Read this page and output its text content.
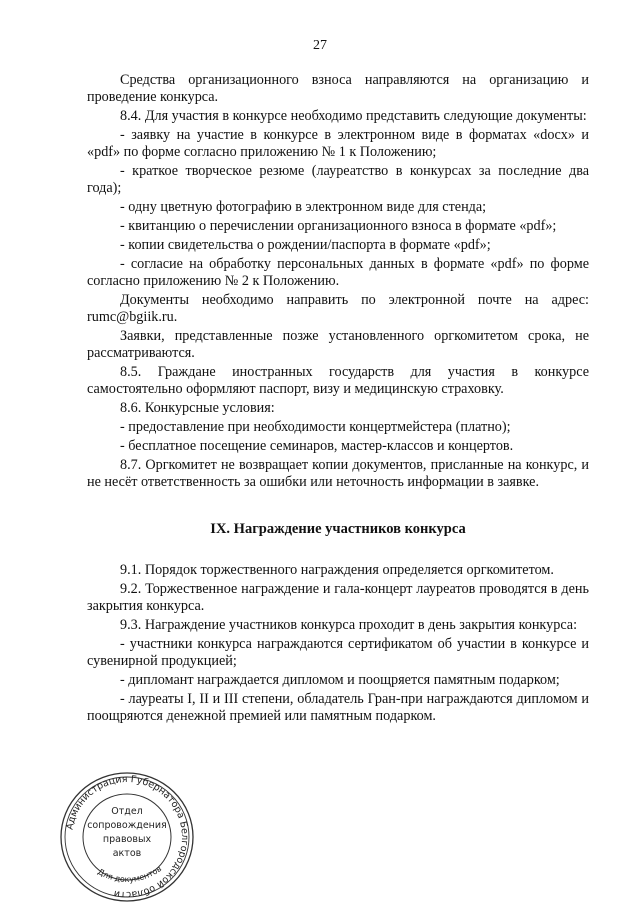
27

Средства организационного взноса направляются на организацию и проведение конкурса.

8.4. Для участия в конкурсе необходимо представить следующие документы:

- заявку на участие в конкурсе в электронном виде в форматах «docx» и «pdf» по форме согласно приложению № 1 к Положению;

- краткое творческое резюме (лауреатство в конкурсах за последние два года);

- одну цветную фотографию в электронном виде для стенда;

- квитанцию о перечислении организационного взноса в формате «pdf»;

- копии свидетельства о рождении/паспорта в формате «pdf»;

- согласие на обработку персональных данных в формате «pdf» по форме согласно приложению № 2 к Положению.

Документы необходимо направить по электронной почте на адрес: rumc@bgiik.ru.

Заявки, представленные позже установленного оргкомитетом срока, не рассматриваются.

8.5. Граждане иностранных государств для участия в конкурсе самостоятельно оформляют паспорт, визу и медицинскую страховку.

8.6. Конкурсные условия:

- предоставление при необходимости концертмейстера (платно);

- бесплатное посещение семинаров, мастер-классов и концертов.

8.7. Оргкомитет не возвращает копии документов, присланные на конкурс, и не несёт ответственность за ошибки или неточность информации в заявке.

IX. Награждение участников конкурса

9.1. Порядок торжественного награждения определяется оргкомитетом.

9.2. Торжественное награждение и гала-концерт лауреатов проводятся в день закрытия конкурса.

9.3. Награждение участников конкурса проходит в день закрытия конкурса:

- участники конкурса награждаются сертификатом об участии в конкурсе и сувенирной продукцией;

- дипломант награждается дипломом и поощряется памятным подарком;

- лауреаты I, II и III степени, обладатель Гран-при награждаются дипломом и поощряются денежной премией или памятным подарком.

Администрация Губернатора Белгородской области
Отдел
сопровождения
правовых
актов
Для документов
